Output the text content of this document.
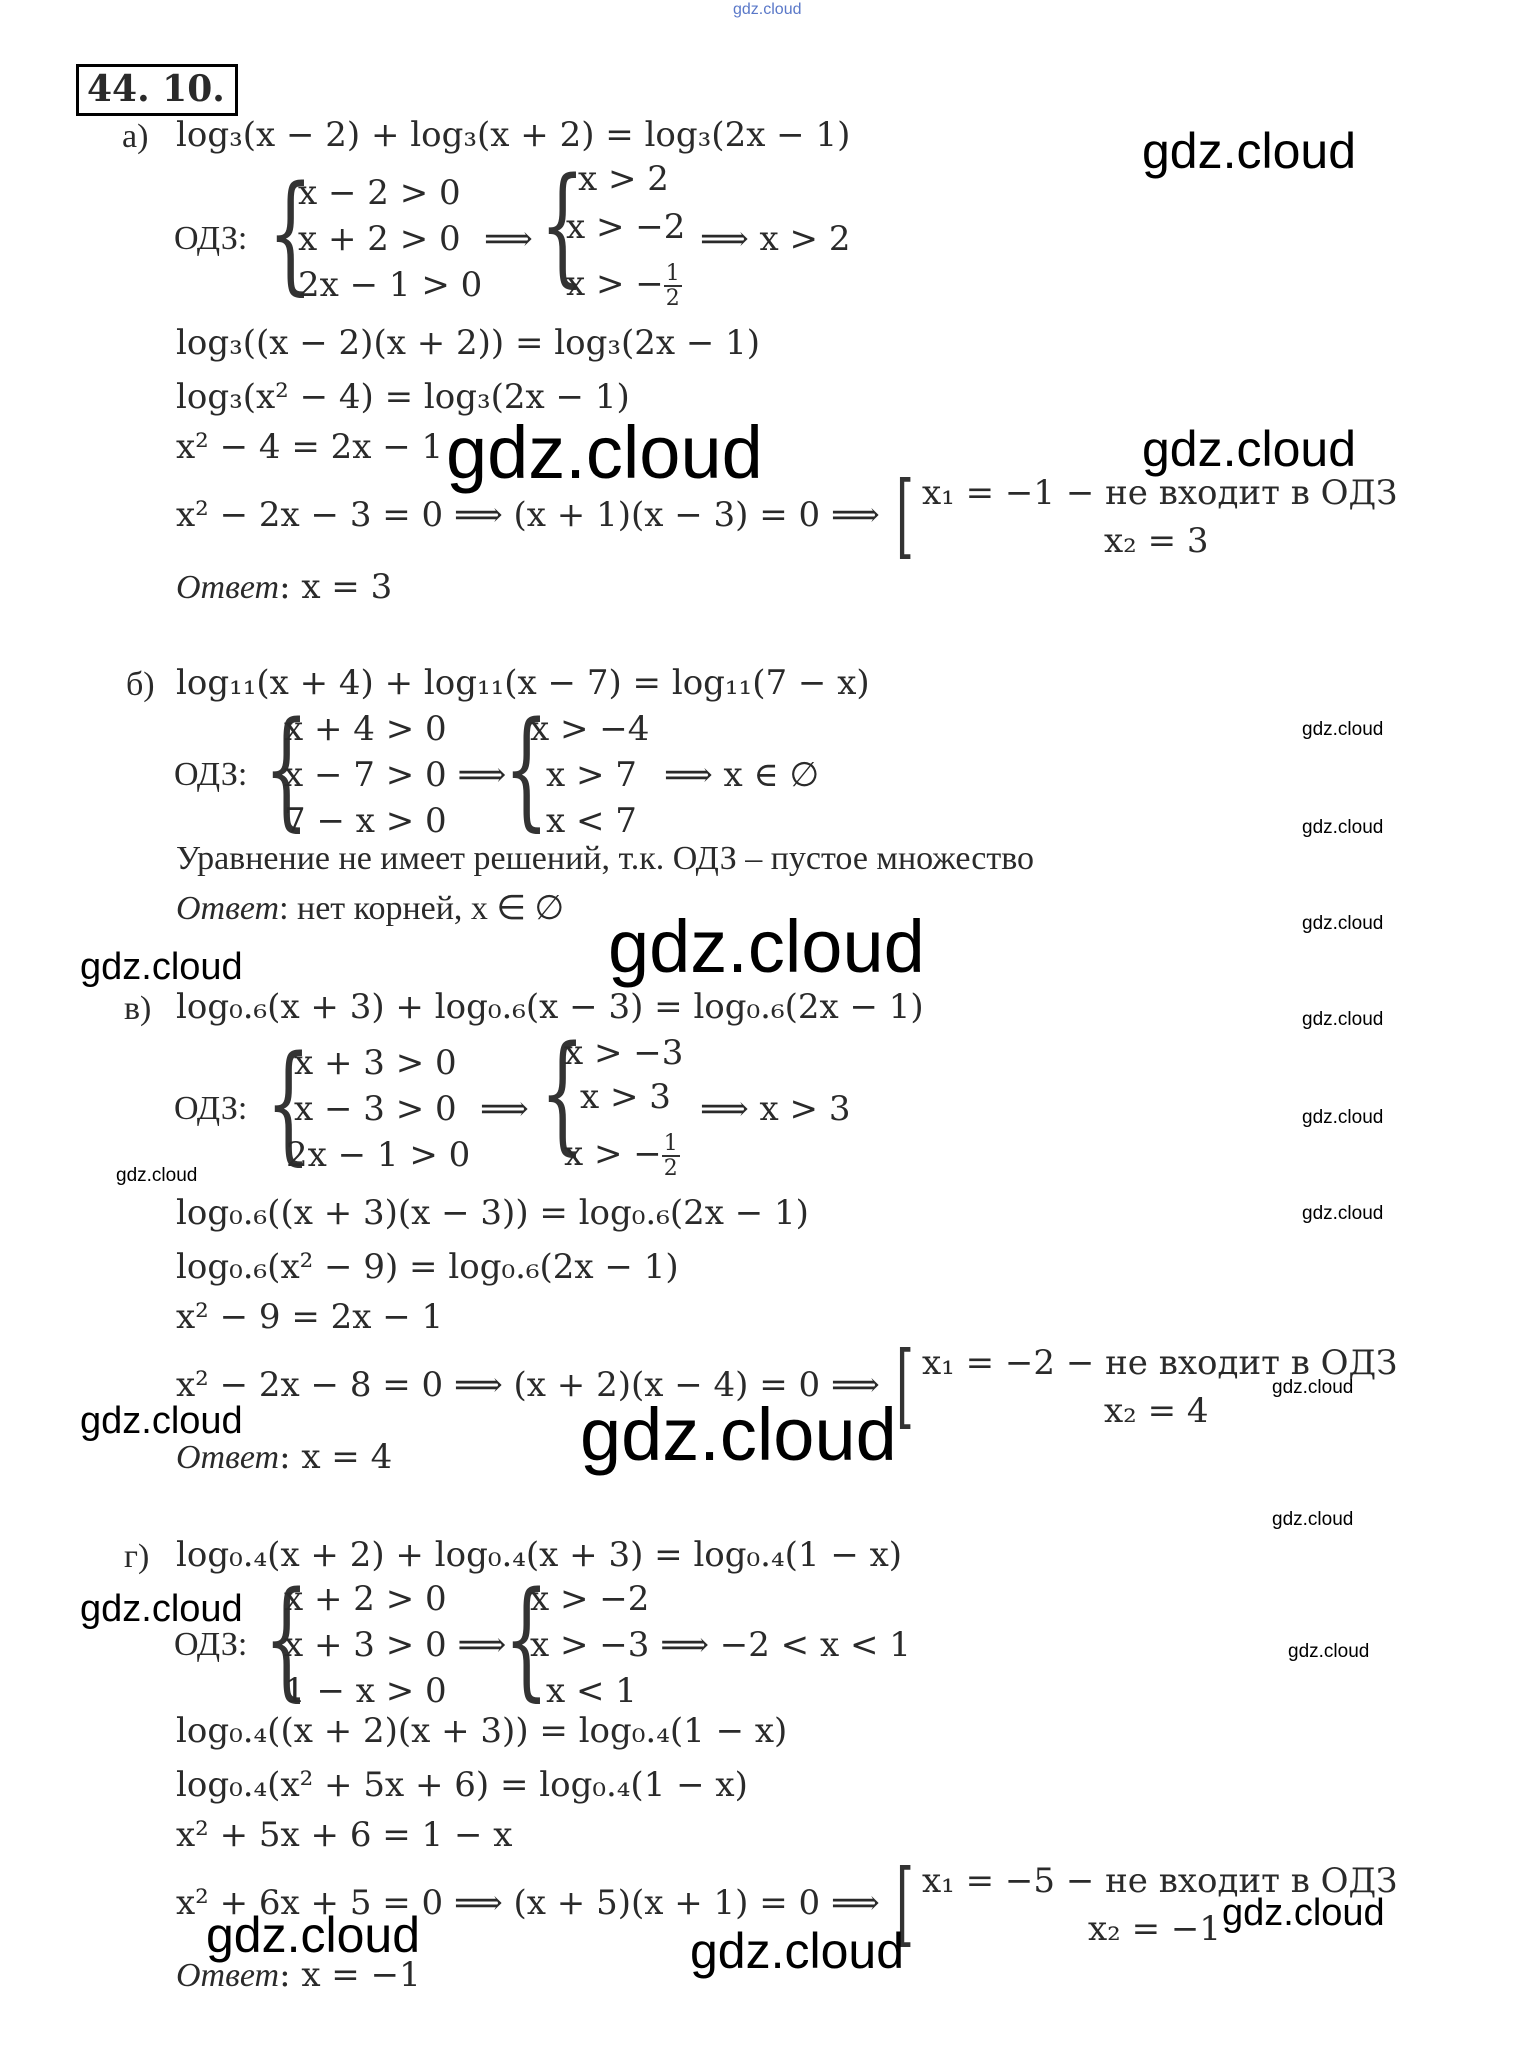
gdz.cloud
44. 10.
а) log₃(x − 2) + log₃(x + 2) = log₃(2x − 1)
ОДЗ: {
x − 2 > 0
x + 2 > 0
2x − 1 > 0
⟹ {
x > 2
x > −2
x > − $\frac{1}{2}$
⟹ x > 2
log₃((x − 2)(x + 2)) = log₃(2x − 1)
log₃(x² − 4) = log₃(2x − 1)
x² − 4 = 2x − 1
x² − 2x − 3 = 0 ⟹ (x + 1)(x − 3) = 0 ⟹ [ x₁ = −1 − не входит в ОДЗ
x₂ = 3
Ответ: x = 3
б) log₁₁(x + 4) + log₁₁(x − 7) = log₁₁(7 − x)
ОДЗ: {
x + 4 > 0
x − 7 > 0 ⟹
7 − x > 0 {
x > −4
x > 7
x < 7
⟹ x ∈ ∅
Уравнение не имеет решений, т.к. ОДЗ – пустое множество
Ответ: нет корней, x ∈ ∅
в) log₀.₆(x + 3) + log₀.₆(x − 3) = log₀.₆(2x − 1)
ОДЗ: {
x + 3 > 0
x − 3 > 0
2x − 1 > 0
⟹ {
x > −3
x > 3
x > − $\frac{1}{2}$
⟹ x > 3
log₀.₆((x + 3)(x − 3)) = log₀.₆(2x − 1)
log₀.₆(x² − 9) = log₀.₆(2x − 1)
x² − 9 = 2x − 1
x² − 2x − 8 = 0 ⟹ (x + 2)(x − 4) = 0 ⟹ [ x₁ = −2 − не входит в ОДЗ
x₂ = 4
Ответ: x = 4
г) log₀.₄(x + 2) + log₀.₄(x + 3) = log₀.₄(1 − x)
ОДЗ: {
x + 2 > 0
x + 3 > 0 ⟹
1 − x > 0 {
x > −2
x > −3 ⟹ −2 < x < 1
x < 1
log₀.₄((x + 2)(x + 3)) = log₀.₄(1 − x)
log₀.₄(x² + 5x + 6) = log₀.₄(1 − x)
x² + 5x + 6 = 1 − x
x² + 6x + 5 = 0 ⟹ (x + 5)(x + 1) = 0 ⟹ [ x₁ = −5 − не входит в ОДЗ
x₂ = −1
Ответ: x = −1
gdz.cloud
gdz.cloud	gdz.cloud
gdz.cloud
gdz.cloud
gdz.cloud
gdz.cloud
gdz.cloud
gdz.cloud
gdz.cloud
gdz.cloud
gdz.cloud
gdz.cloud
gdz.cloud	gdz.cloud
gdz.cloud
gdz.cloud
gdz.cloud
gdz.cloud	gdz.cloud
gdz.cloud
